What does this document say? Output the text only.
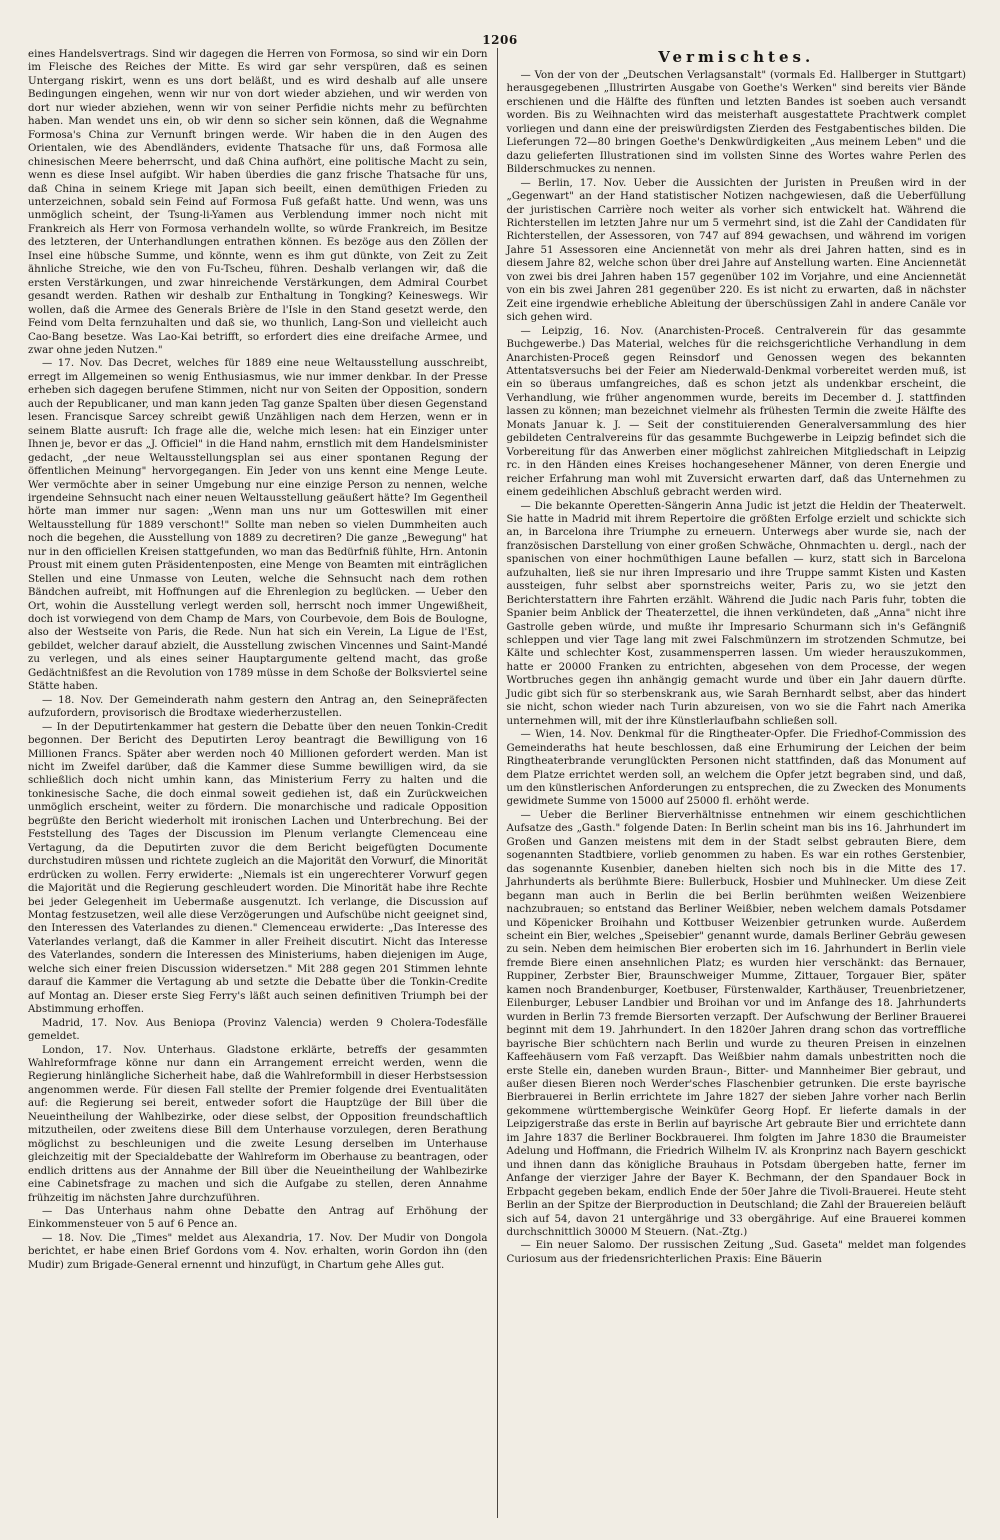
1206

eines Handelsvertrags. Sind wir dagegen die Herren von Formosa, so sind wir ein Dorn im Fleische des Reiches der Mitte. Es wird gar sehr verspüren, daß es seinen Untergang riskirt, wenn es uns dort beläßt, und es wird deshalb auf alle unsere Bedingungen eingehen, wenn wir nur von dort wieder abziehen, und wir werden von dort nur wieder abziehen, wenn wir von seiner Perfidie nichts mehr zu befürchten haben. Man wendet uns ein, ob wir denn so sicher sein können, daß die Wegnahme Formosa's China zur Vernunft bringen werde. Wir haben die in den Augen des Orientalen, wie des Abendländers, evidente Thatsache für uns, daß Formosa alle chinesischen Meere beherrscht, und daß China aufhört, eine politische Macht zu sein, wenn es diese Insel aufgibt. Wir haben überdies die ganz frische Thatsache für uns, daß China in seinem Kriege mit Japan sich beeilt, einen demüthigen Frieden zu unterzeichnen, sobald sein Feind auf Formosa Fuß gefaßt hatte. Und wenn, was uns unmöglich scheint, der Tsung-li-Yamen aus Verblendung immer noch nicht mit Frankreich als Herr von Formosa verhandeln wollte, so würde Frankreich, im Besitze des letzteren, der Unterhandlungen entrathen können. Es bezöge aus den Zöllen der Insel eine hübsche Summe, und könnte, wenn es ihm gut dünkte, von Zeit zu Zeit ähnliche Streiche, wie den von Fu-Tscheu, führen. Deshalb verlangen wir, daß die ersten Verstärkungen, und zwar hinreichende Verstärkungen, dem Admiral Courbet gesandt werden. Rathen wir deshalb zur Enthaltung in Tongking? Keineswegs. Wir wollen, daß die Armee des Generals Brière de l'Isle in den Stand gesetzt werde, den Feind vom Delta fernzuhalten und daß sie, wo thunlich, Lang-Son und vielleicht auch Cao-Bang besetze. Was Lao-Kai betrifft, so erfordert dies eine dreifache Armee, und zwar ohne jeden Nutzen."

— 17. Nov. Das Decret, welches für 1889 eine neue Weltausstellung ausschreibt, erregt im Allgemeinen so wenig Enthusiasmus, wie nur immer denkbar. In der Presse erheben sich dagegen berufene Stimmen, nicht nur von Seiten der Opposition, sondern auch der Republicaner, und man kann jeden Tag ganze Spalten über diesen Gegenstand lesen. Francisque Sarcey schreibt gewiß Unzähligen nach dem Herzen, wenn er in seinem Blatte ausruft: Ich frage alle die, welche mich lesen: hat ein Einziger unter Ihnen je, bevor er das „J. Officiel" in die Hand nahm, ernstlich mit dem Handelsminister gedacht, „der neue Weltausstellungsplan sei aus einer spontanen Regung der öffentlichen Meinung" hervorgegangen. Ein Jeder von uns kennt eine Menge Leute. Wer vermöchte aber in seiner Umgebung nur eine einzige Person zu nennen, welche irgendeine Sehnsucht nach einer neuen Weltausstellung geäußert hätte? Im Gegentheil hörte man immer nur sagen: „Wenn man uns nur um Gotteswillen mit einer Weltausstellung für 1889 verschont!" Sollte man neben so vielen Dummheiten auch noch die begehen, die Ausstellung von 1889 zu decretiren? Die ganze „Bewegung" hat nur in den officiellen Kreisen stattgefunden, wo man das Bedürfniß fühlte, Hrn. Antonin Proust mit einem guten Präsidentenposten, eine Menge von Beamten mit einträglichen Stellen und eine Unmasse von Leuten, welche die Sehnsucht nach dem rothen Bändchen aufreibt, mit Hoffnungen auf die Ehrenlegion zu beglücken. — Ueber den Ort, wohin die Ausstellung verlegt werden soll, herrscht noch immer Ungewißheit, doch ist vorwiegend von dem Champ de Mars, von Courbevoie, dem Bois de Boulogne, also der Westseite von Paris, die Rede. Nun hat sich ein Verein, La Ligue de l'Est, gebildet, welcher darauf abzielt, die Ausstellung zwischen Vincennes und Saint-Mandé zu verlegen, und als eines seiner Hauptargumente geltend macht, das große Gedächtnißfest an die Revolution von 1789 müsse in dem Schoße der Bolksviertel seine Stätte haben.

— 18. Nov. Der Gemeinderath nahm gestern den Antrag an, den Seinepräfecten aufzufordern, provisorisch die Brodtaxe wiederherzustellen.

— In der Deputirtenkammer hat gestern die Debatte über den neuen Tonkin-Credit begonnen. Der Bericht des Deputirten Leroy beantragt die Bewilligung von 16 Millionen Francs. Später aber werden noch 40 Millionen gefordert werden. Man ist nicht im Zweifel darüber, daß die Kammer diese Summe bewilligen wird, da sie schließlich doch nicht umhin kann, das Ministerium Ferry zu halten und die tonkinesische Sache, die doch einmal soweit gediehen ist, daß ein Zurückweichen unmöglich erscheint, weiter zu fördern. Die monarchische und radicale Opposition begrüßte den Bericht wiederholt mit ironischen Lachen und Unterbrechung. Bei der Feststellung des Tages der Discussion im Plenum verlangte Clemenceau eine Vertagung, da die Deputirten zuvor die dem Bericht beigefügten Documente durchstudiren müssen und richtete zugleich an die Majorität den Vorwurf, die Minorität erdrücken zu wollen. Ferry erwiderte: „Niemals ist ein ungerechterer Vorwurf gegen die Majorität und die Regierung geschleudert worden. Die Minorität habe ihre Rechte bei jeder Gelegenheit im Uebermaße ausgenutzt. Ich verlange, die Discussion auf Montag festzusetzen, weil alle diese Verzögerungen und Aufschübe nicht geeignet sind, den Interessen des Vaterlandes zu dienen." Clemenceau erwiderte: „Das Interesse des Vaterlandes verlangt, daß die Kammer in aller Freiheit discutirt. Nicht das Interesse des Vaterlandes, sondern die Interessen des Ministeriums, haben diejenigen im Auge, welche sich einer freien Discussion widersetzen." Mit 288 gegen 201 Stimmen lehnte darauf die Kammer die Vertagung ab und setzte die Debatte über die Tonkin-Credite auf Montag an. Dieser erste Sieg Ferry's läßt auch seinen definitiven Triumph bei der Abstimmung erhoffen.

Madrid, 17. Nov. Aus Beniopa (Provinz Valencia) werden 9 Cholera-Todesfälle gemeldet.

London, 17. Nov. Unterhaus. Gladstone erklärte, betreffs der gesammten Wahlreformfrage könne nur dann ein Arrangement erreicht werden, wenn die Regierung hinlängliche Sicherheit habe, daß die Wahlreformbill in dieser Herbstsession angenommen werde. Für diesen Fall stellte der Premier folgende drei Eventualitäten auf: die Regierung sei bereit, entweder sofort die Hauptzüge der Bill über die Neueintheilung der Wahlbezirke, oder diese selbst, der Opposition freundschaftlich mitzutheilen, oder zweitens diese Bill dem Unterhause vorzulegen, deren Berathung möglichst zu beschleunigen und die zweite Lesung derselben im Unterhause gleichzeitig mit der Specialdebatte der Wahlreform im Oberhause zu beantragen, oder endlich drittens aus der Annahme der Bill über die Neueintheilung der Wahlbezirke eine Cabinetsfrage zu machen und sich die Aufgabe zu stellen, deren Annahme frühzeitig im nächsten Jahre durchzuführen.

— Das Unterhaus nahm ohne Debatte den Antrag auf Erhöhung der Einkommensteuer von 5 auf 6 Pence an.

— 18. Nov. Die „Times" meldet aus Alexandria, 17. Nov. Der Mudir von Dongola berichtet, er habe einen Brief Gordons vom 4. Nov. erhalten, worin Gordon ihn (den Mudir) zum Brigade-General ernennt und hinzufügt, in Chartum gehe Alles gut.

Vermischtes.

— Von der von der „Deutschen Verlagsanstalt" (vormals Ed. Hallberger in Stuttgart) herausgegebenen „Illustrirten Ausgabe von Goethe's Werken" sind bereits vier Bände erschienen und die Hälfte des fünften und letzten Bandes ist soeben auch versandt worden. Bis zu Weihnachten wird das meisterhaft ausgestattete Prachtwerk complet vorliegen und dann eine der preiswürdigsten Zierden des Festgabentisches bilden. Die Lieferungen 72—80 bringen Goethe's Denkwürdigkeiten „Aus meinem Leben" und die dazu gelieferten Illustrationen sind im vollsten Sinne des Wortes wahre Perlen des Bilderschmuckes zu nennen.

— Berlin, 17. Nov. Ueber die Aussichten der Juristen in Preußen wird in der „Gegenwart" an der Hand statistischer Notizen nachgewiesen, daß die Ueberfüllung der juristischen Carrière noch weiter als vorher sich entwickelt hat. Während die Richterstellen im letzten Jahre nur um 5 vermehrt sind, ist die Zahl der Candidaten für Richterstellen, der Assessoren, von 747 auf 894 gewachsen, und während im vorigen Jahre 51 Assessoren eine Anciennetät von mehr als drei Jahren hatten, sind es in diesem Jahre 82, welche schon über drei Jahre auf Anstellung warten. Eine Anciennetät von zwei bis drei Jahren haben 157 gegenüber 102 im Vorjahre, und eine Anciennetät von ein bis zwei Jahren 281 gegenüber 220. Es ist nicht zu erwarten, daß in nächster Zeit eine irgendwie erhebliche Ableitung der überschüssigen Zahl in andere Canäle vor sich gehen wird.

— Leipzig, 16. Nov. (Anarchisten-Proceß. Centralverein für das gesammte Buchgewerbe.) Das Material, welches für die reichsgerichtliche Verhandlung in dem Anarchisten-Proceß gegen Reinsdorf und Genossen wegen des bekannten Attentatsversuchs bei der Feier am Niederwald-Denkmal vorbereitet werden muß, ist ein so überaus umfangreiches, daß es schon jetzt als undenkbar erscheint, die Verhandlung, wie früher angenommen wurde, bereits im December d. J. stattfinden lassen zu können; man bezeichnet vielmehr als frühesten Termin die zweite Hälfte des Monats Januar k. J. — Seit der constituierenden Generalversammlung des hier gebildeten Centralvereins für das gesammte Buchgewerbe in Leipzig befindet sich die Vorbereitung für das Anwerben einer möglichst zahlreichen Mitgliedschaft in Leipzig rc. in den Händen eines Kreises hochangesehener Männer, von deren Energie und reicher Erfahrung man wohl mit Zuversicht erwarten darf, daß das Unternehmen zu einem gedeihlichen Abschluß gebracht werden wird.

— Die bekannte Operetten-Sängerin Anna Judic ist jetzt die Heldin der Theaterwelt. Sie hatte in Madrid mit ihrem Repertoire die größten Erfolge erzielt und schickte sich an, in Barcelona ihre Triumphe zu erneuern. Unterwegs aber wurde sie, nach der französischen Darstellung von einer großen Schwäche, Ohnmachten u. dergl., nach der spanischen von einer hochmüthigen Laune befallen — kurz, statt sich in Barcelona aufzuhalten, ließ sie nur ihren Impresario und ihre Truppe sammt Kisten und Kasten aussteigen, fuhr selbst aber spornstreichs weiter, Paris zu, wo sie jetzt den Berichterstattern ihre Fahrten erzählt. Während die Judic nach Paris fuhr, tobten die Spanier beim Anblick der Theaterzettel, die ihnen verkündeten, daß „Anna" nicht ihre Gastrolle geben würde, und mußte ihr Impresario Schurmann sich in's Gefängniß schleppen und vier Tage lang mit zwei Falschmünzern im strotzenden Schmutze, bei Kälte und schlechter Kost, zusammensperren lassen. Um wieder herauszukommen, hatte er 20000 Franken zu entrichten, abgesehen von dem Processe, der wegen Wortbruches gegen ihn anhängig gemacht wurde und über ein Jahr dauern dürfte. Judic gibt sich für so sterbenskrank aus, wie Sarah Bernhardt selbst, aber das hindert sie nicht, schon wieder nach Turin abzureisen, von wo sie die Fahrt nach Amerika unternehmen will, mit der ihre Künstlerlaufbahn schließen soll.

— Wien, 14. Nov. Denkmal für die Ringtheater-Opfer. Die Friedhof-Commission des Gemeinderaths hat heute beschlossen, daß eine Erhumirung der Leichen der beim Ringtheaterbrande verunglückten Personen nicht stattfinden, daß das Monument auf dem Platze errichtet werden soll, an welchem die Opfer jetzt begraben sind, und daß, um den künstlerischen Anforderungen zu entsprechen, die zu Zwecken des Monuments gewidmete Summe von 15000 auf 25000 fl. erhöht werde.

— Ueber die Berliner Bierverhältnisse entnehmen wir einem geschichtlichen Aufsatze des „Gasth." folgende Daten: In Berlin scheint man bis ins 16. Jahrhundert im Großen und Ganzen meistens mit dem in der Stadt selbst gebrauten Biere, dem sogenannten Stadtbiere, vorlieb genommen zu haben. Es war ein rothes Gerstenbier, das sogenannte Kusenbier, daneben hielten sich noch bis in die Mitte des 17. Jahrhunderts als berühmte Biere: Bullerbuck, Hosbier und Muhlnecker. Um diese Zeit begann man auch in Berlin die bei Berlin berühmten weißen Weizenbiere nachzubrauen; so entstand das Berliner Weißbier, neben welchem damals Potsdamer und Köpenicker Broihahn und Kottbuser Weizenbier getrunken wurde. Außerdem scheint ein Bier, welches „Speisebier" genannt wurde, damals Berliner Gebräu gewesen zu sein. Neben dem heimischen Bier eroberten sich im 16. Jahrhundert in Berlin viele fremde Biere einen ansehnlichen Platz; es wurden hier verschänkt: das Bernauer, Ruppiner, Zerbster Bier, Braunschweiger Mumme, Zittauer, Torgauer Bier, später kamen noch Brandenburger, Koetbuser, Fürstenwalder, Karthäuser, Treuenbrietzener, Eilenburger, Lebuser Landbier und Broihan vor und im Anfange des 18. Jahrhunderts wurden in Berlin 73 fremde Biersorten verzapft. Der Aufschwung der Berliner Brauerei beginnt mit dem 19. Jahrhundert. In den 1820er Jahren drang schon das vortreffliche bayrische Bier schüchtern nach Berlin und wurde zu theuren Preisen in einzelnen Kaffeehäusern vom Faß verzapft. Das Weißbier nahm damals unbestritten noch die erste Stelle ein, daneben wurden Braun-, Bitter- und Mannheimer Bier gebraut, und außer diesen Bieren noch Werder'sches Flaschenbier getrunken. Die erste bayrische Bierbrauerei in Berlin errichtete im Jahre 1827 der sieben Jahre vorher nach Berlin gekommene württembergische Weinküfer Georg Hopf. Er lieferte damals in der Leipzigerstraße das erste in Berlin auf bayrische Art gebraute Bier und errichtete dann im Jahre 1837 die Berliner Bockbrauerei. Ihm folgten im Jahre 1830 die Braumeister Adelung und Hoffmann, die Friedrich Wilhelm IV. als Kronprinz nach Bayern geschickt und ihnen dann das königliche Brauhaus in Potsdam übergeben hatte, ferner im Anfange der vierziger Jahre der Bayer K. Bechmann, der den Spandauer Bock in Erbpacht gegeben bekam, endlich Ende der 50er Jahre die Tivoli-Brauerei. Heute steht Berlin an der Spitze der Bierproduction in Deutschland; die Zahl der Brauereien beläuft sich auf 54, davon 21 untergährige und 33 obergährige. Auf eine Brauerei kommen durchschnittlich 30000 M Steuern. (Nat.-Ztg.)

— Ein neuer Salomo. Der russischen Zeitung „Sud. Gaseta" meldet man folgendes Curiosum aus der friedensrichterlichen Praxis: Eine Bäuerin
